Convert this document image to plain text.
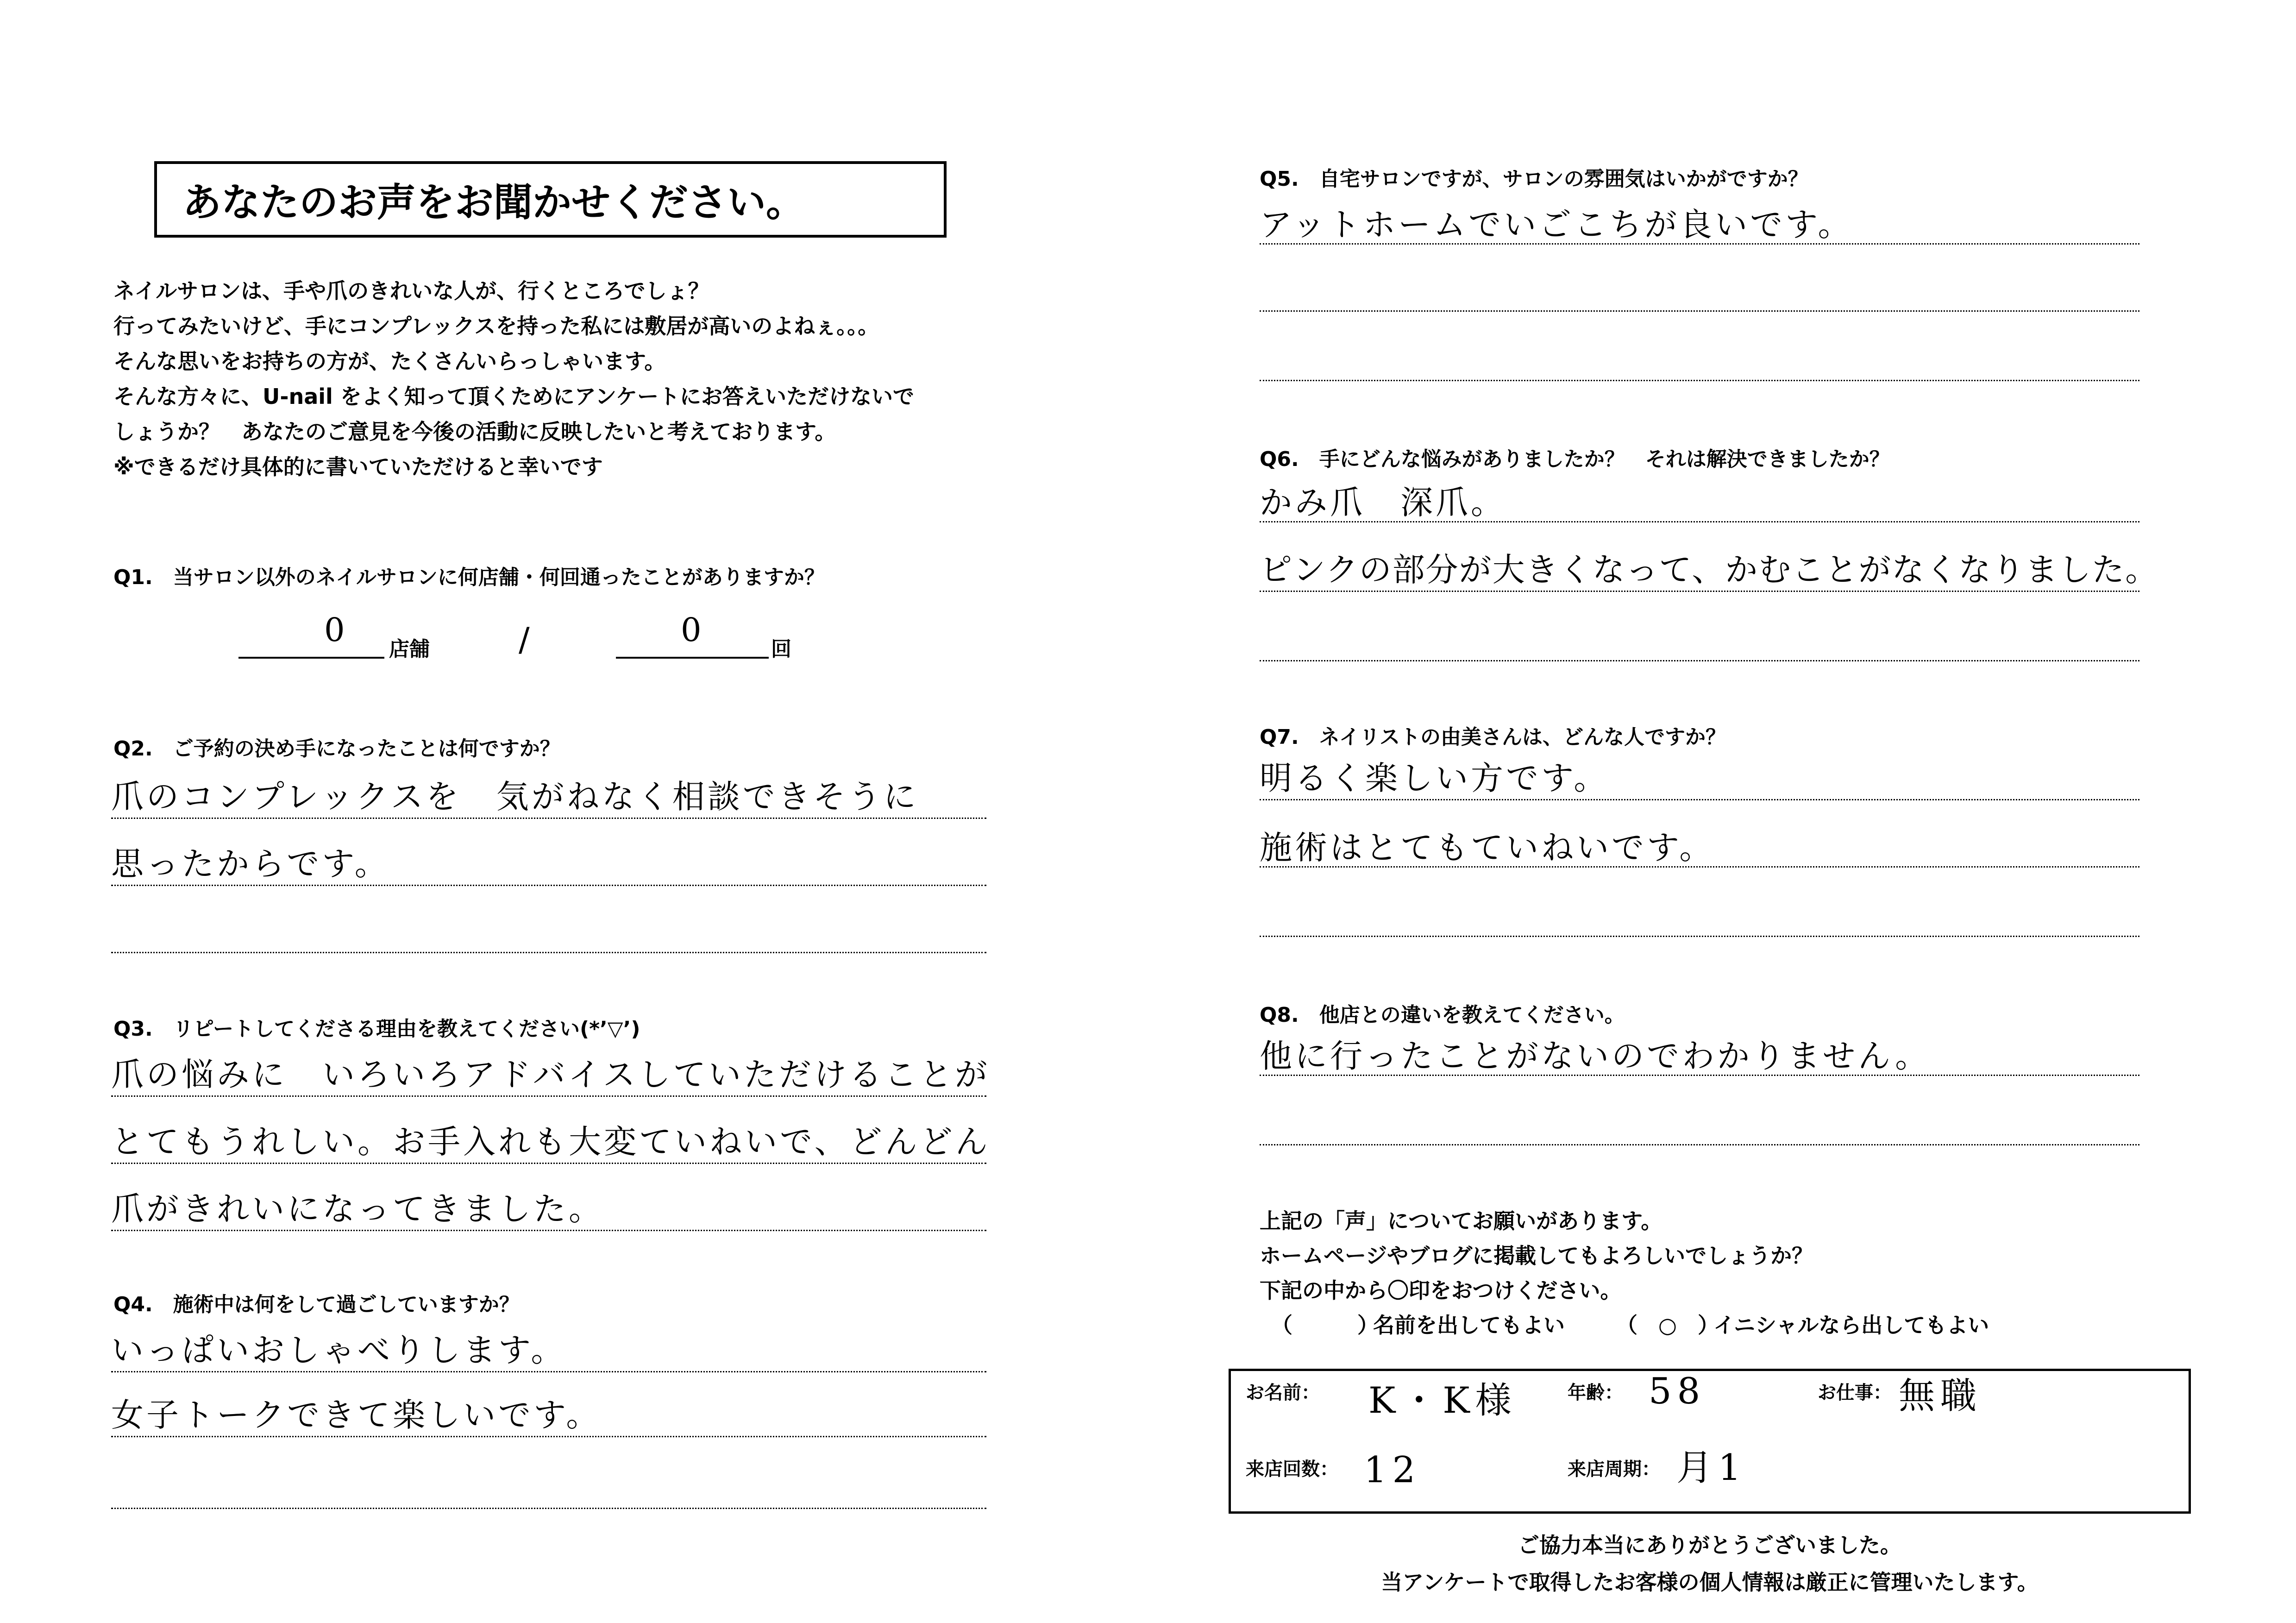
あなたのお声をお聞かせください。
ネイルサロンは、手や爪のきれいな人が、行くところでしょ？
行ってみたいけど、手にコンプレックスを持った私には敷居が高いのよねぇ。。。
そんな思いをお持ちの方が、たくさんいらっしゃいます。
そんな方々に、U-nail をよく知って頂くためにアンケートにお答えいただけないで
しょうか？　あなたのご意見を今後の活動に反映したいと考えております。
※できるだけ具体的に書いていただけると幸いです
Q1.　当サロン以外のネイルサロンに何店舗・何回通ったことがありますか？
0
店舗	/	0
回
Q2.　ご予約の決め手になったことは何ですか？
爪のコンプレックスを　気がねなく相談できそうに
思ったからです。
Q3.　リピートしてくださる理由を教えてください(*’▽’)
爪の悩みに　いろいろアドバイスしていただけることが
とてもうれしい。お手入れも大変ていねいで、どんどん
爪がきれいになってきました。
Q4.　施術中は何をして過ごしていますか？
いっぱいおしゃべりします。
女子トークできて楽しいです。
Q5.　自宅サロンですが、サロンの雰囲気はいかがですか？
アットホームでいごこちが良いです。
Q6.　手にどんな悩みがありましたか？　それは解決できましたか？
かみ爪　深爪。
ピンクの部分が大きくなって、かむことがなくなりました。
Q7.　ネイリストの由美さんは、どんな人ですか？
明るく楽しい方です。
施術はとてもていねいです。
Q8.　他店との違いを教えてください。
他に行ったことがないのでわかりません。
上記の「声」についてお願いがあります。
ホームページやブログに掲載してもよろしいでしょうか？
下記の中から〇印をおつけください。
（	）
名前を出してもよい （ ○ ）
イニシャルなら出してもよい
お名前： K・K様	年齢： 58	お仕事： 無職
来店回数： 12	来店周期： 月1
ご協力本当にありがとうございました。
当アンケートで取得したお客様の個人情報は厳正に管理いたします。
